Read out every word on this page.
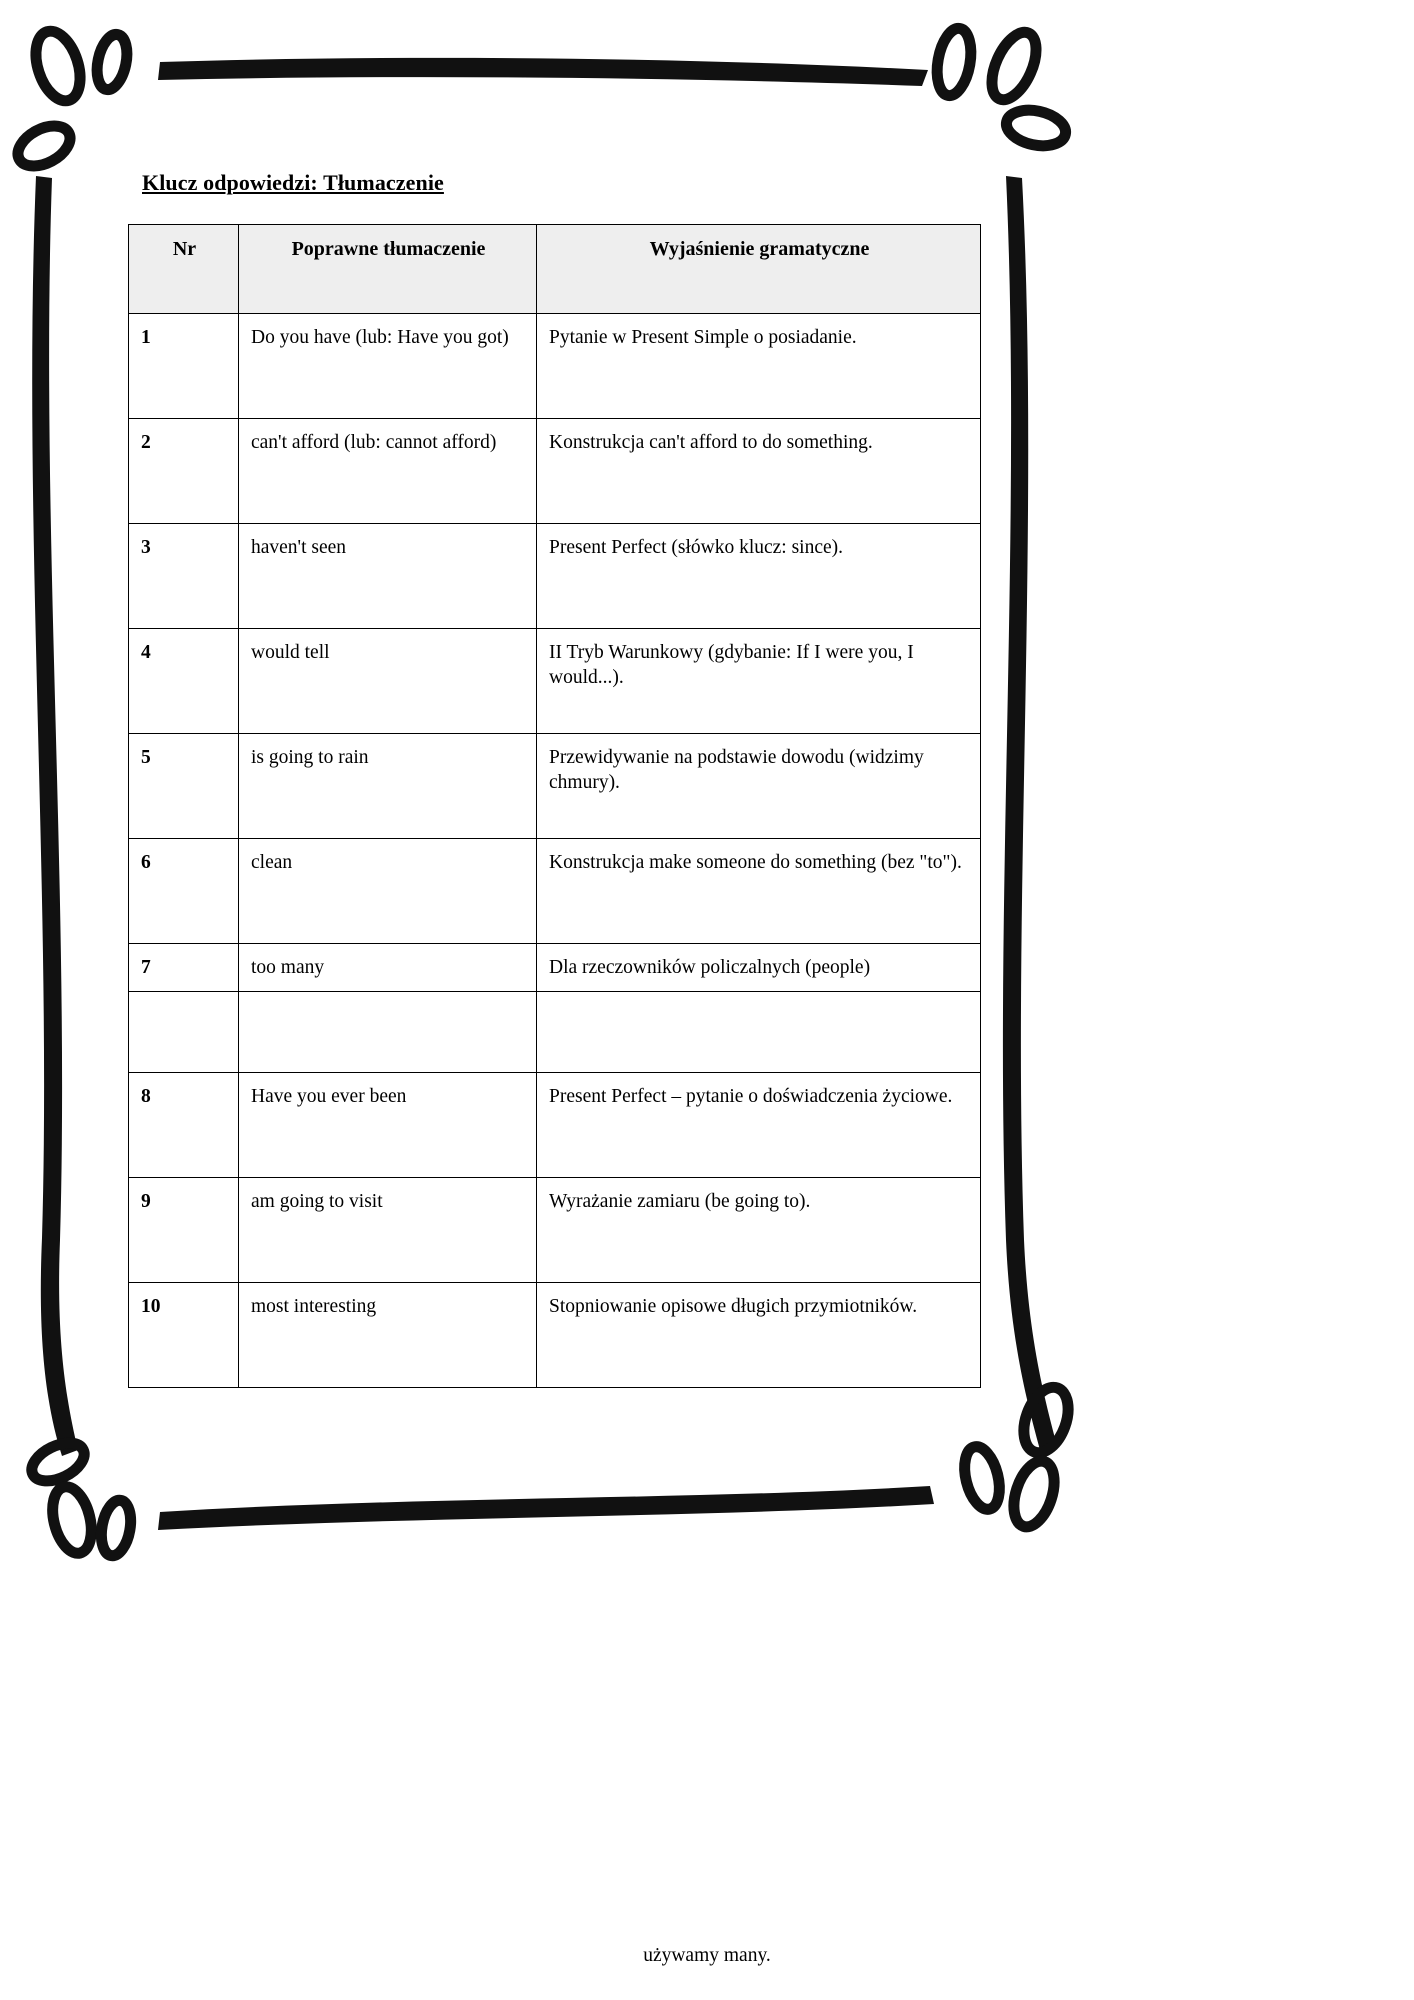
Klucz odpowiedzi: Tłumaczenie
Nr	Poprawne tłumaczenie	Wyjaśnienie gramatyczne
1	Do you have (lub: Have you got)	Pytanie w Present Simple o posiadanie.
2	can't afford (lub: cannot afford)	Konstrukcja can't afford to do something.
3	haven't seen	Present Perfect (słówko klucz: since).
4	would tell	II Tryb Warunkowy (gdybanie: If I were you, I would...).
5	is going to rain	Przewidywanie na podstawie dowodu (widzimy chmury).
6	clean	Konstrukcja make someone do something (bez "to").
7	too many	Dla rzeczowników policzalnych (people)

8	Have you ever been	Present Perfect – pytanie o doświadczenia życiowe.
9	am going to visit	Wyrażanie zamiaru (be going to).
10	most interesting	Stopniowanie opisowe długich przymiotników.
używamy many.
